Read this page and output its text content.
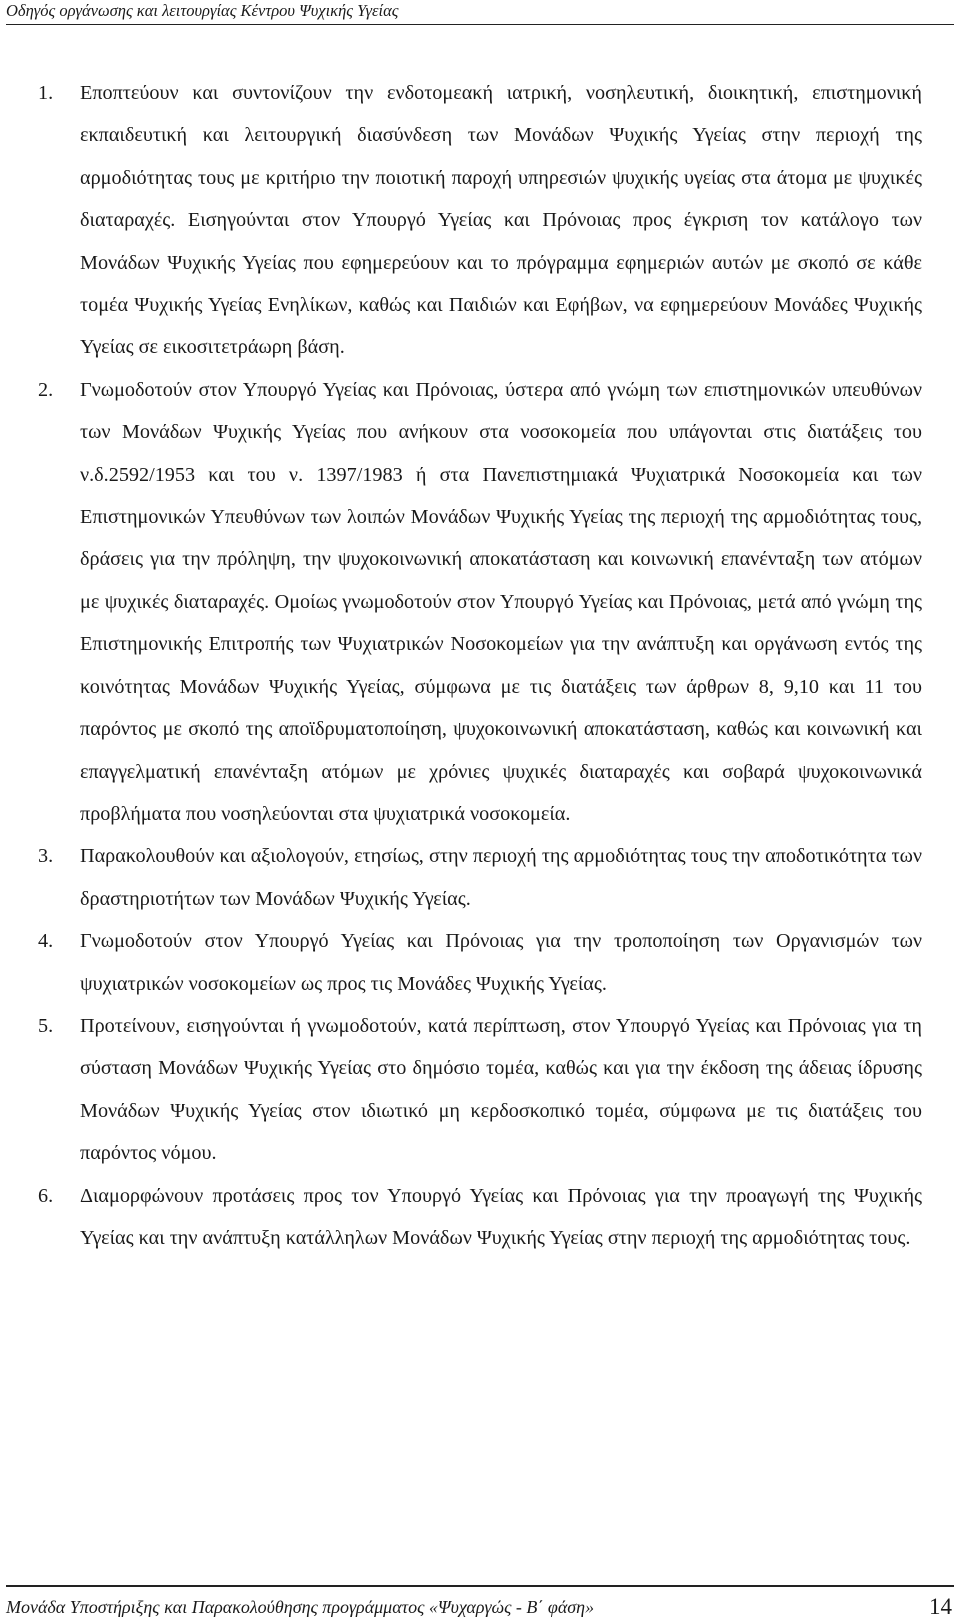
Οδηγός οργάνωσης και λειτουργίας Κέντρου Ψυχικής Υγείας
1. Εποπτεύουν και συντονίζουν την ενδοτομεακή ιατρική, νοσηλευτική, διοικητική, επιστημονική εκπαιδευτική και λειτουργική διασύνδεση των Μονάδων Ψυχικής Υγείας στην περιοχή της αρμοδιότητας τους με κριτήριο την ποιοτική παροχή υπηρεσιών ψυχικής υγείας στα άτομα με ψυχικές διαταραχές. Εισηγούνται στον Υπουργό Υγείας και Πρόνοιας προς έγκριση τον κατάλογο των Μονάδων Ψυχικής Υγείας που εφημερεύουν και το πρόγραμμα εφημεριών αυτών με σκοπό σε κάθε τομέα Ψυχικής Υγείας Ενηλίκων, καθώς και Παιδιών και Εφήβων, να εφημερεύουν Μονάδες Ψυχικής Υγείας σε εικοσιτετράωρη βάση.
2. Γνωμοδοτούν στον Υπουργό Υγείας και Πρόνοιας, ύστερα από γνώμη των επιστημονικών υπευθύνων των Μονάδων Ψυχικής Υγείας που ανήκουν στα νοσοκομεία που υπάγονται στις διατάξεις του ν.δ.2592/1953 και του ν. 1397/1983 ή στα Πανεπιστημιακά Ψυχιατρικά Νοσοκομεία και των Επιστημονικών Υπευθύνων των λοιπών Μονάδων Ψυχικής Υγείας της περιοχή της αρμοδιότητας τους, δράσεις για την πρόληψη, την ψυχοκοινωνική αποκατάσταση και κοινωνική επανένταξη των ατόμων με ψυχικές διαταραχές. Ομοίως γνωμοδοτούν στον Υπουργό Υγείας και Πρόνοιας, μετά από γνώμη της Επιστημονικής Επιτροπής των Ψυχιατρικών Νοσοκομείων για την ανάπτυξη και οργάνωση εντός της κοινότητας Μονάδων Ψυχικής Υγείας, σύμφωνα με τις διατάξεις των άρθρων 8, 9,10 και 11 του παρόντος με σκοπό της αποϊδρυματοποίηση, ψυχοκοινωνική αποκατάσταση, καθώς και κοινωνική και επαγγελματική επανένταξη ατόμων με χρόνιες ψυχικές διαταραχές και σοβαρά ψυχοκοινωνικά προβλήματα που νοσηλεύονται στα ψυχιατρικά νοσοκομεία.
3. Παρακολουθούν και αξιολογούν, ετησίως, στην περιοχή της αρμοδιότητας τους την αποδοτικότητα των δραστηριοτήτων των Μονάδων Ψυχικής Υγείας.
4. Γνωμοδοτούν στον Υπουργό Υγείας και Πρόνοιας για την τροποποίηση των Οργανισμών των ψυχιατρικών νοσοκομείων ως προς τις Μονάδες Ψυχικής Υγείας.
5. Προτείνουν, εισηγούνται ή γνωμοδοτούν, κατά περίπτωση, στον Υπουργό Υγείας και Πρόνοιας για τη σύσταση Μονάδων Ψυχικής Υγείας στο δημόσιο τομέα, καθώς και για την έκδοση της άδειας ίδρυσης Μονάδων Ψυχικής Υγείας στον ιδιωτικό μη κερδοσκοπικό τομέα, σύμφωνα με τις διατάξεις του παρόντος νόμου.
6. Διαμορφώνουν προτάσεις προς τον Υπουργό Υγείας και Πρόνοιας για την προαγωγή της Ψυχικής Υγείας και την ανάπτυξη κατάλληλων Μονάδων Ψυχικής Υγείας στην περιοχή της αρμοδιότητας τους.
Μονάδα Υποστήριξης και Παρακολούθησης προγράμματος «Ψυχαργώς - Β΄ φάση»	14
